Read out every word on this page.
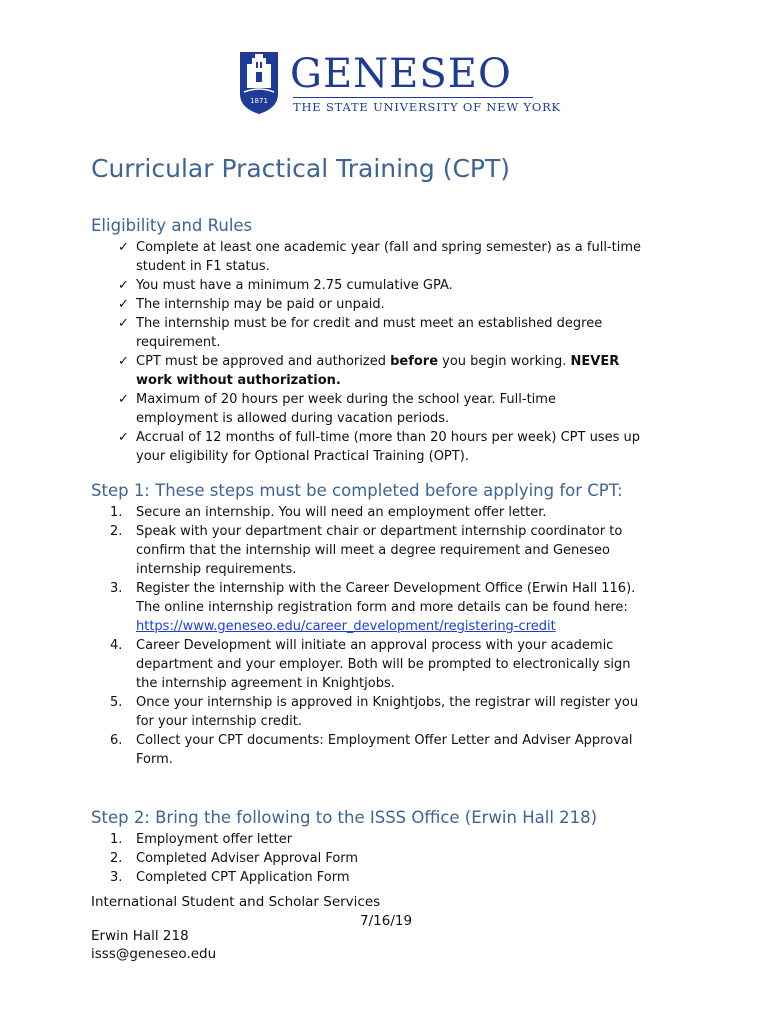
1871
GENESEO
THE STATE UNIVERSITY OF NEW YORK
Curricular Practical Training (CPT)
Eligibility and Rules
✓ Complete at least one academic year (fall and spring semester) as a full-time
student in F1 status.
✓ You must have a minimum 2.75 cumulative GPA.
✓ The internship may be paid or unpaid.
✓ The internship must be for credit and must meet an established degree
requirement.
✓ CPT must be approved and authorized before you begin working. NEVER
work without authorization.
✓ Maximum of 20 hours per week during the school year. Full-time
employment is allowed during vacation periods.
✓ Accrual of 12 months of full-time (more than 20 hours per week) CPT uses up
your eligibility for Optional Practical Training (OPT).
Step 1: These steps must be completed before applying for CPT:
1.	Secure an internship. You will need an employment offer letter.
2.	Speak with your department chair or department internship coordinator to
confirm that the internship will meet a degree requirement and Geneseo
internship requirements.
3.	Register the internship with the Career Development Office (Erwin Hall 116).
The online internship registration form and more details can be found here:
https://www.geneseo.edu/career_development/registering-credit
4.	Career Development will initiate an approval process with your academic
department and your employer. Both will be prompted to electronically sign
the internship agreement in Knightjobs.
5.	Once your internship is approved in Knightjobs, the registrar will register you
for your internship credit.
6.	Collect your CPT documents: Employment Offer Letter and Adviser Approval
Form.
Step 2: Bring the following to the ISSS Office (Erwin Hall 218)
1.	Employment offer letter
2.	Completed Adviser Approval Form
3.	Completed CPT Application Form
International Student and Scholar Services
7/16/19
Erwin Hall 218
isss@geneseo.edu
